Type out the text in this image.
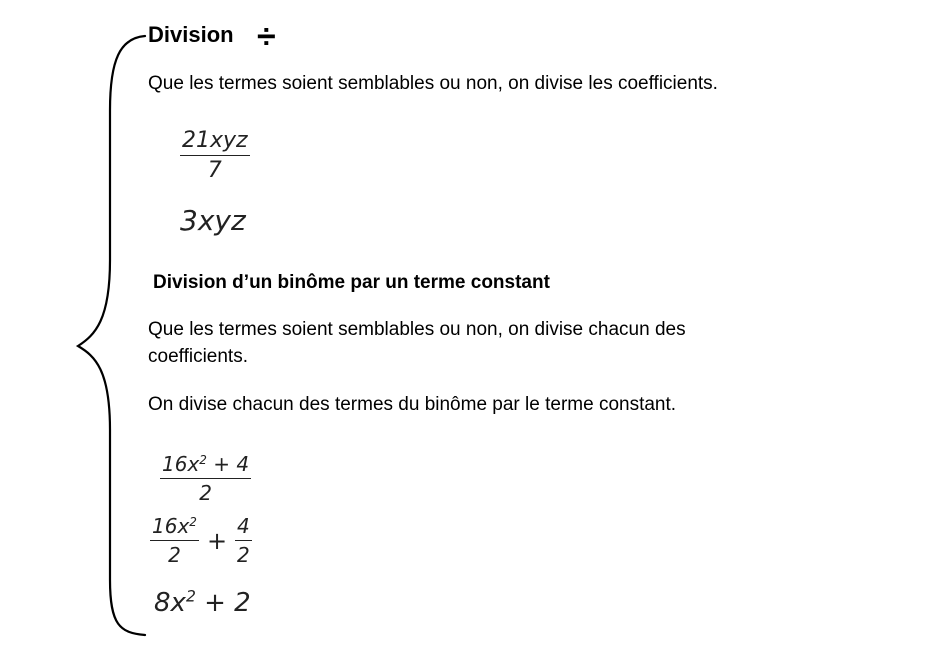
Division ÷
Que les termes soient semblables ou non, on divise les coefficients.
21xyz
7
3xyz
Division d’un binôme par un terme constant
Que les termes soient semblables ou non, on divise chacun des
coefficients.
On divise chacun des termes du binôme par le terme constant.
$\frac{16x^2 + 4}{2}$
$\frac{16x^2}{2} + \frac{4}{2}$
$8x^2 + 2$
